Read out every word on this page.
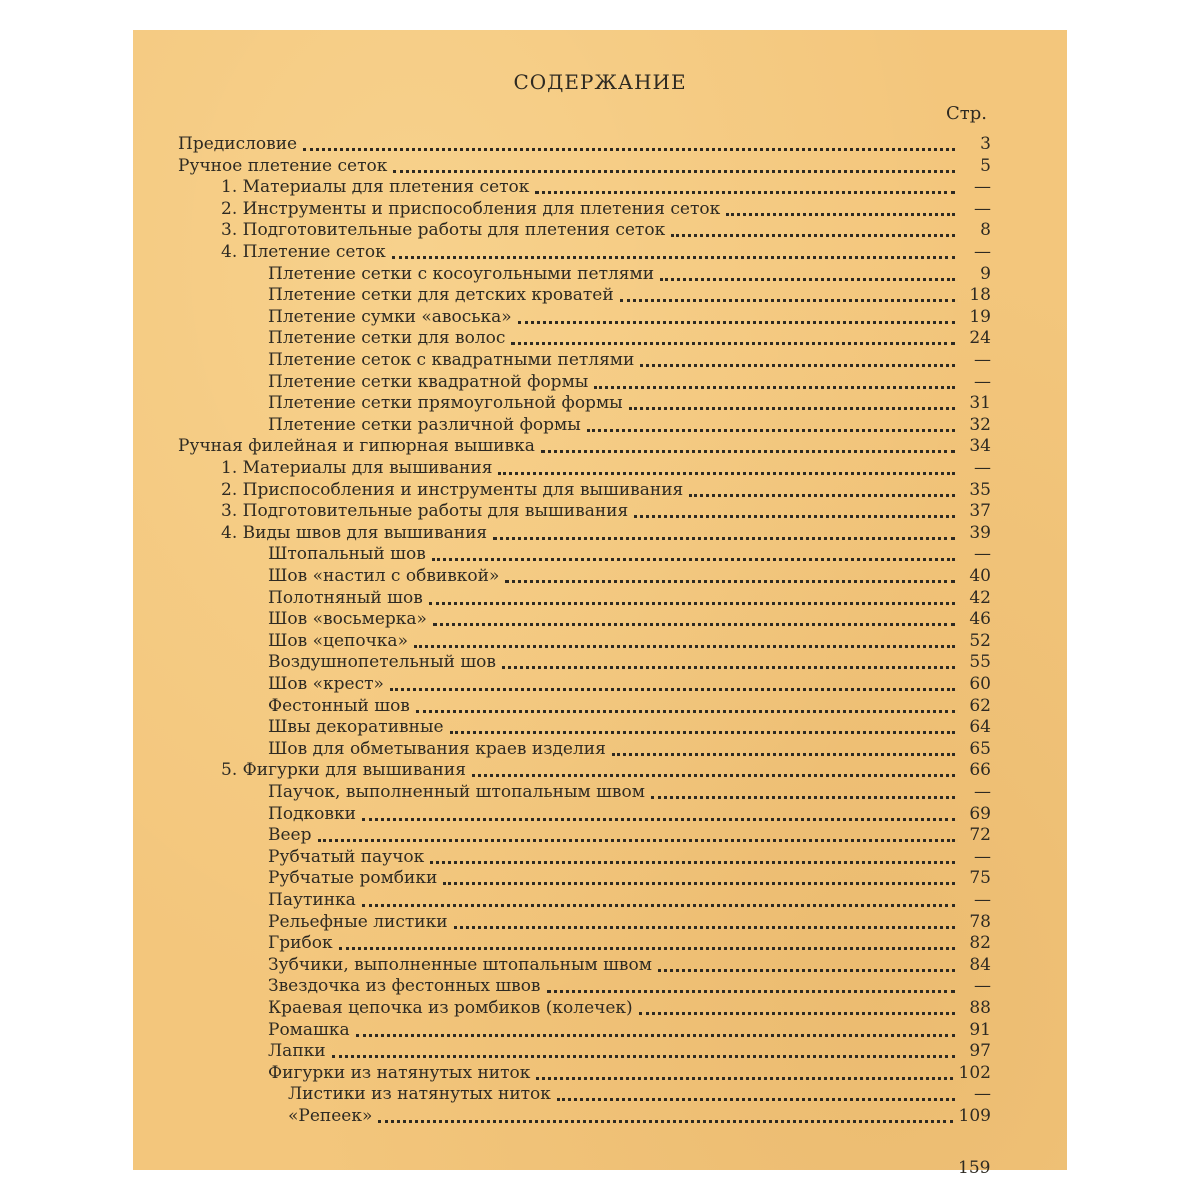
СОДЕРЖАНИЕ
Стр.
Предисловие	3
Ручное плетение сеток	5
1. Материалы для плетения сеток	—
2. Инструменты и приспособления для плетения сеток	—
3. Подготовительные работы для плетения сеток	8
4. Плетение сеток	—
Плетение сетки с косоугольными петлями	9
Плетение сетки для детских кроватей	18
Плетение сумки «авоська»	19
Плетение сетки для волос	24
Плетение сеток с квадратными петлями	—
Плетение сетки квадратной формы	—
Плетение сетки прямоугольной формы	31
Плетение сетки различной формы	32
Ручная филейная и гипюрная вышивка	34
1. Материалы для вышивания	—
2. Приспособления и инструменты для вышивания	35
3. Подготовительные работы для вышивания	37
4. Виды швов для вышивания	39
Штопальный шов	—
Шов «настил с обвивкой»	40
Полотняный шов	42
Шов «восьмерка»	46
Шов «цепочка»	52
Воздушнопетельный шов	55
Шов «крест»	60
Фестонный шов	62
Швы декоративные	64
Шов для обметывания краев изделия	65
5. Фигурки для вышивания	66
Паучок, выполненный штопальным швом	—
Подковки	69
Веер	72
Рубчатый паучок	—
Рубчатые ромбики	75
Паутинка	—
Рельефные листики	78
Грибок	82
Зубчики, выполненные штопальным швом	84
Звездочка из фестонных швов	—
Краевая цепочка из ромбиков (колечек)	88
Ромашка	91
Лапки	97
Фигурки из натянутых ниток	102
Листики из натянутых ниток	—
«Репеек»	109
159
